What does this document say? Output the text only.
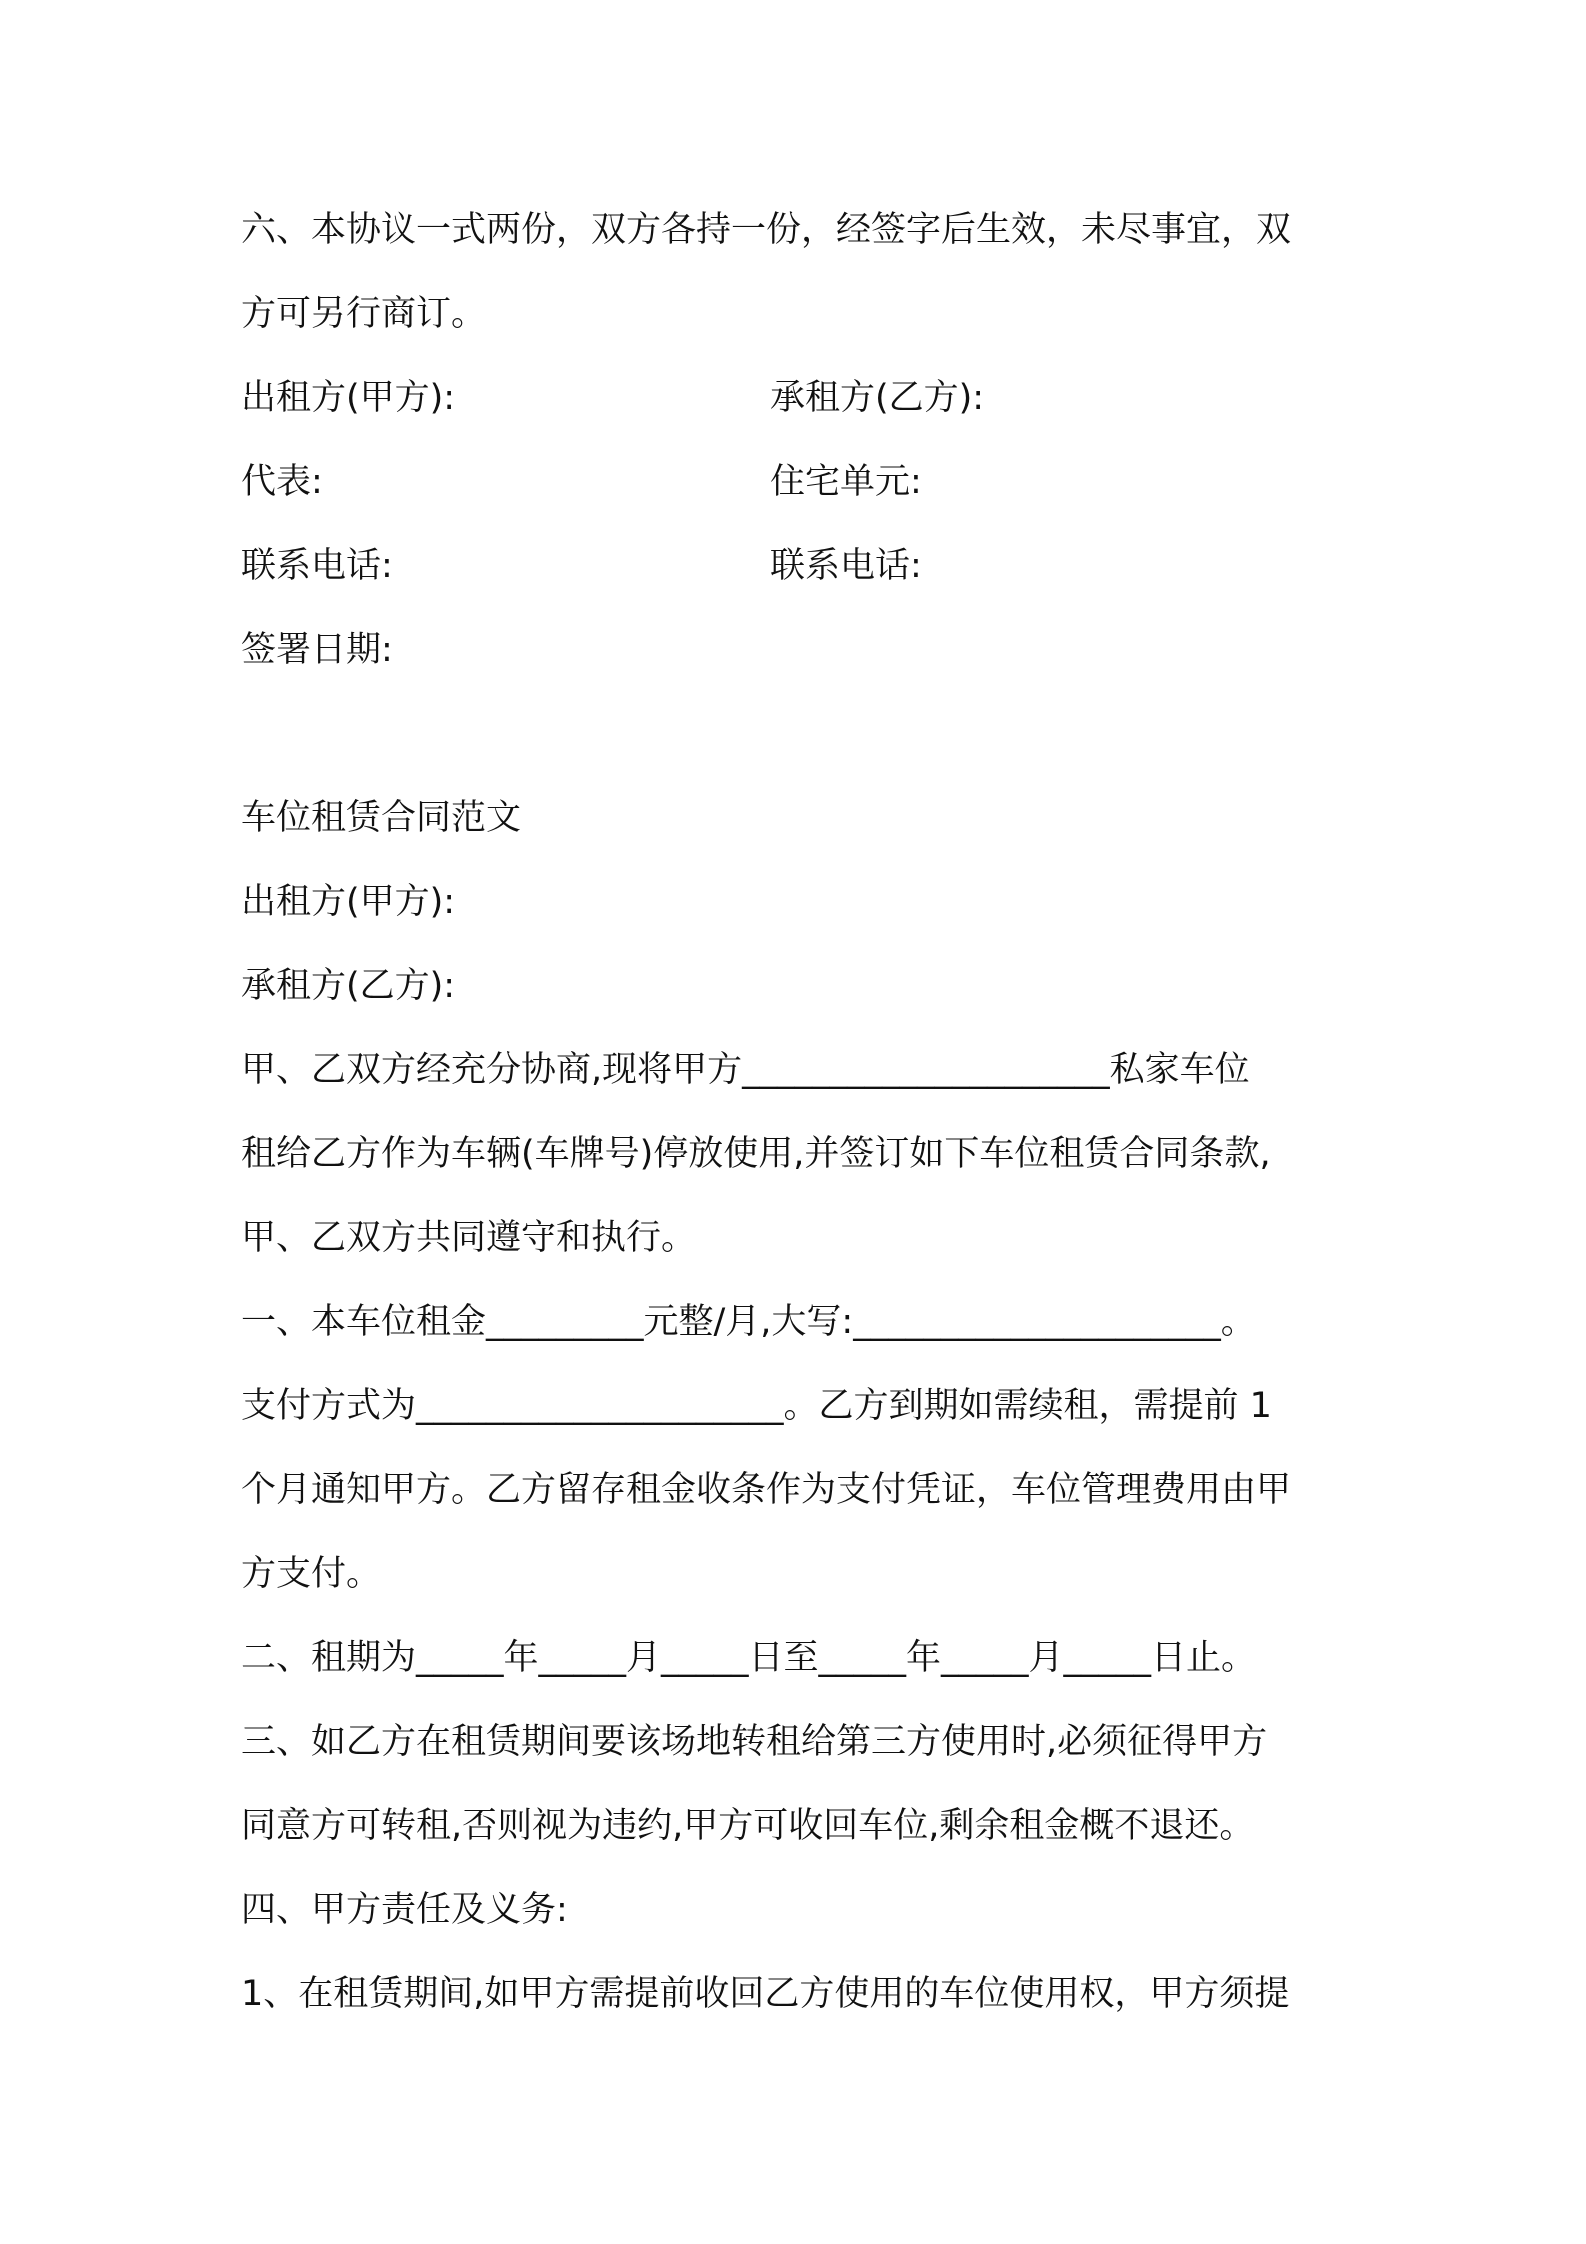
六、本协议一式两份，双方各持一份，经签字后生效，未尽事宜，双
方可另行商订。
出租方(甲方):	承租方(乙方):
代表:	住宅单元:
联系电话:	联系电话:
签署日期:
车位租赁合同范文
出租方(甲方):
承租方(乙方):
甲、乙双方经充分协商,现将甲方_____________________私家车位
租给乙方作为车辆(车牌号)停放使用,并签订如下车位租赁合同条款,
甲、乙双方共同遵守和执行。
一、本车位租金_________元整/月,大写:_____________________。
支付方式为_____________________。乙方到期如需续租，需提前 1
个月通知甲方。乙方留存租金收条作为支付凭证，车位管理费用由甲
方支付。
二、租期为_____年_____月_____日至_____年_____月_____日止。
三、如乙方在租赁期间要该场地转租给第三方使用时,必须征得甲方
同意方可转租,否则视为违约,甲方可收回车位,剩余租金概不退还。
四、甲方责任及义务:
1、在租赁期间,如甲方需提前收回乙方使用的车位使用权，甲方须提
